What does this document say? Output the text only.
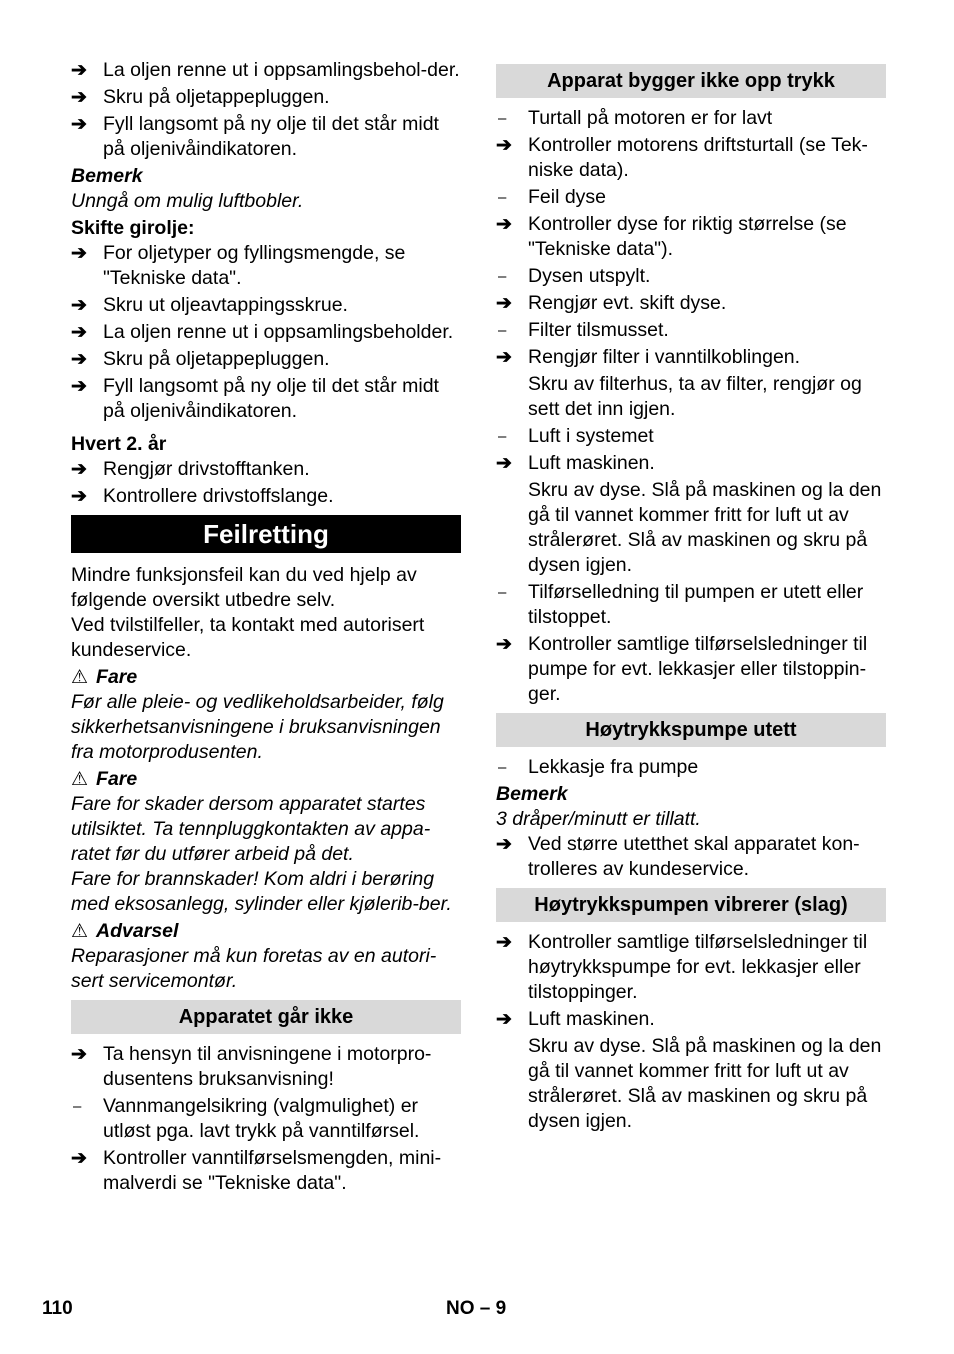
➔ La oljen renne ut i oppsamlingsbehol-der.
➔ Skru på oljetappepluggen.
➔ Fyll langsomt på ny olje til det står midt på oljenivåindikatoren.
Bemerk
Unngå om mulig luftbobler.
Skifte girolje:
➔ For oljetyper og fyllingsmengde, se "Tekniske data".
➔ Skru ut oljeavtappingsskrue.
➔ La oljen renne ut i oppsamlingsbeholder.
➔ Skru på oljetappepluggen.
➔ Fyll langsomt på ny olje til det står midt på oljenivåindikatoren.
Hvert 2. år
➔ Rengjør drivstofftanken.
➔ Kontrollere drivstoffslange.
Feilretting
Mindre funksjonsfeil kan du ved hjelp av følgende oversikt utbedre selv.
Ved tvilstilfeller, ta kontakt med autorisert kundeservice.
⚠ Fare
Før alle pleie- og vedlikeholdsarbeider, følg sikkerhetsanvisningene i bruksanvisningen fra motorprodusenten.
⚠ Fare
Fare for skader dersom apparatet startes utilsiktet. Ta tennpluggkontakten av appa-ratet før du utfører arbeid på det.
Fare for brannskader! Kom aldri i berøring med eksosanlegg, sylinder eller kjølerib-ber.
⚠ Advarsel
Reparasjoner må kun foretas av en autori-sert servicemontør.
Apparatet går ikke
➔ Ta hensyn til anvisningene i motorpro-dusentens bruksanvisning!
–	Vannmangelsikring (valgmulighet) er utløst pga. lavt trykk på vanntilførsel.
➔ Kontroller vanntilførselsmengden, mini-malverdi se "Tekniske data".
Apparat bygger ikke opp trykk
–	Turtall på motoren er for lavt
➔ Kontroller motorens driftsturtall (se Tek-niske data).
–	Feil dyse
➔ Kontroller dyse for riktig størrelse (se "Tekniske data").
–	Dysen utspylt.
➔ Rengjør evt. skift dyse.
–	Filter tilsmusset.
➔ Rengjør filter i vanntilkoblingen.
Skru av filterhus, ta av filter, rengjør og sett det inn igjen.
–	Luft i systemet
➔ Luft maskinen.
Skru av dyse. Slå på maskinen og la den gå til vannet kommer fritt for luft ut av strålerøret. Slå av maskinen og skru på dysen igjen.
–	Tilførselledning til pumpen er utett eller tilstoppet.
➔ Kontroller samtlige tilførselsledninger til pumpe for evt. lekkasjer eller tilstoppin-ger.
Høytrykkspumpe utett
–	Lekkasje fra pumpe
Bemerk
3 dråper/minutt er tillatt.
➔ Ved større utetthet skal apparatet kon-trolleres av kundeservice.
Høytrykkspumpen vibrerer (slag)
➔ Kontroller samtlige tilførselsledninger til høytrykkspumpe for evt. lekkasjer eller tilstoppinger.
➔ Luft maskinen.
Skru av dyse. Slå på maskinen og la den gå til vannet kommer fritt for luft ut av strålerøret. Slå av maskinen og skru på dysen igjen.
110	NO – 9
